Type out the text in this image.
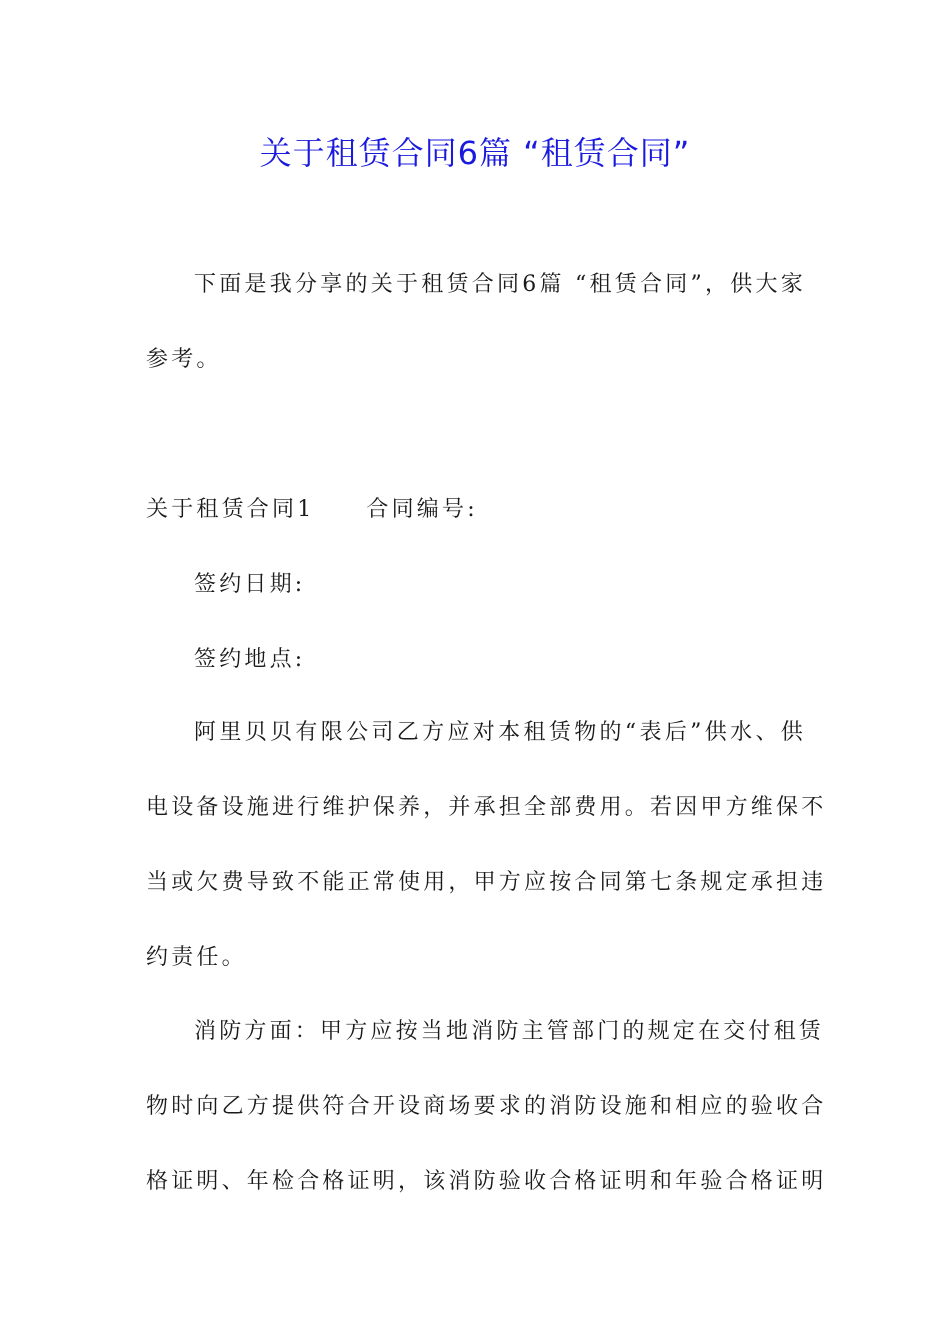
关于租赁合同6篇 “租赁合同”
下面是我分享的关于租赁合同6篇 “租赁合同”，供大家
参考。
关于租赁合同1 合同编号:
签约日期:
签约地点:
阿里贝贝有限公司乙方应对本租赁物的“表后”供水、供
电设备设施进行维护保养，并承担全部费用。若因甲方维保不
当或欠费导致不能正常使用，甲方应按合同第七条规定承担违
约责任。
消防方面：甲方应按当地消防主管部门的规定在交付租赁
物时向乙方提供符合开设商场要求的消防设施和相应的验收合
格证明、年检合格证明，该消防验收合格证明和年验合格证明
